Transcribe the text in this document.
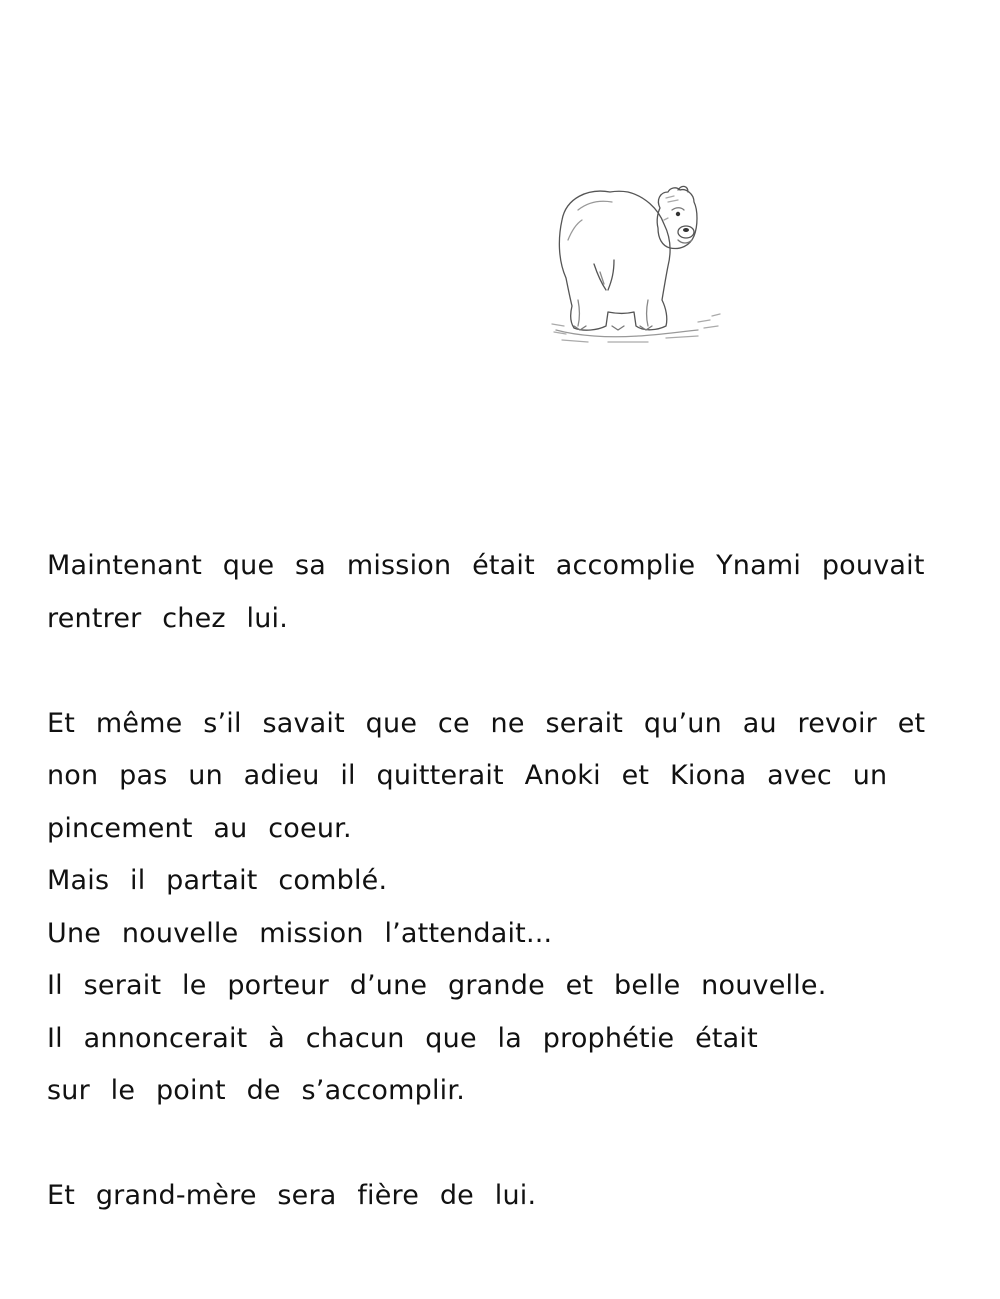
Maintenant que sa mission était accomplie Ynami pouvait
rentrer chez lui.
Et même s’il savait que ce ne serait qu’un au revoir et
non pas un adieu il quitterait Anoki et Kiona avec un
pincement au coeur.
Mais il partait comblé.
Une nouvelle mission l’attendait...
Il serait le porteur d’une grande et belle nouvelle.
Il annoncerait à chacun que la prophétie était
sur le point de s’accomplir.
Et grand-mère sera fière de lui.
